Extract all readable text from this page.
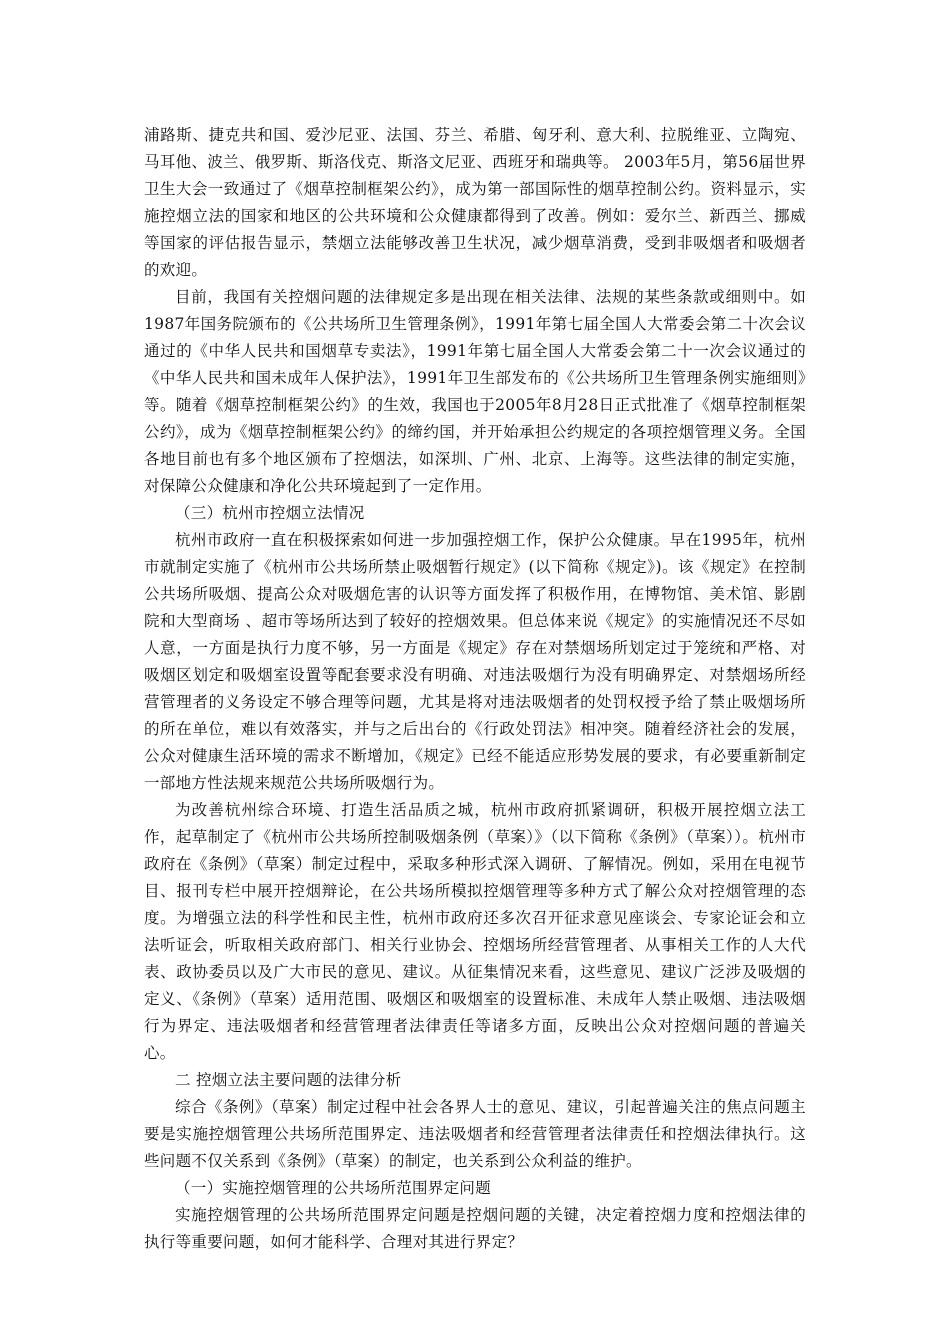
浦路斯、捷克共和国、爱沙尼亚、法国、芬兰、希腊、匈牙利、意大利、拉脱维亚、立陶宛、马耳他、波兰、俄罗斯、斯洛伐克、斯洛文尼亚、西班牙和瑞典等。 2003年5月，第56届世界卫生大会一致通过了《烟草控制框架公约》，成为第一部国际性的烟草控制公约。资料显示，实施控烟立法的国家和地区的公共环境和公众健康都得到了改善。例如：爱尔兰、新西兰、挪威等国家的评估报告显示，禁烟立法能够改善卫生状况，减少烟草消费，受到非吸烟者和吸烟者的欢迎。

目前，我国有关控烟问题的法律规定多是出现在相关法律、法规的某些条款或细则中。如1987年国务院颁布的《公共场所卫生管理条例》，1991年第七届全国人大常委会第二十次会议通过的《中华人民共和国烟草专卖法》，1991年第七届全国人大常委会第二十一次会议通过的《中华人民共和国未成年人保护法》，1991年卫生部发布的《公共场所卫生管理条例实施细则》等。随着《烟草控制框架公约》的生效，我国也于2005年8月28日正式批准了《烟草控制框架公约》，成为《烟草控制框架公约》的缔约国，并开始承担公约规定的各项控烟管理义务。全国各地目前也有多个地区颁布了控烟法，如深圳、广州、北京、上海等。这些法律的制定实施，对保障公众健康和净化公共环境起到了一定作用。

（三）杭州市控烟立法情况

杭州市政府一直在积极探索如何进一步加强控烟工作，保护公众健康。早在1995年，杭州市就制定实施了《杭州市公共场所禁止吸烟暂行规定》(以下简称《规定》)。该《规定》在控制公共场所吸烟、提高公众对吸烟危害的认识等方面发挥了积极作用，在博物馆、美术馆、影剧院和大型商场 、超市等场所达到了较好的控烟效果。但总体来说《规定》的实施情况还不尽如人意，一方面是执行力度不够，另一方面是《规定》存在对禁烟场所划定过于笼统和严格、对吸烟区划定和吸烟室设置等配套要求没有明确、对违法吸烟行为没有明确界定、对禁烟场所经营管理者的义务设定不够合理等问题，尤其是将对违法吸烟者的处罚权授予给了禁止吸烟场所的所在单位，难以有效落实，并与之后出台的《行政处罚法》相冲突。随着经济社会的发展，公众对健康生活环境的需求不断增加，《规定》已经不能适应形势发展的要求，有必要重新制定一部地方性法规来规范公共场所吸烟行为。

为改善杭州综合环境、打造生活品质之城，杭州市政府抓紧调研，积极开展控烟立法工作，起草制定了《杭州市公共场所控制吸烟条例（草案）》（以下简称《条例》（草案））。杭州市政府在《条例》（草案）制定过程中，采取多种形式深入调研、了解情况。例如，采用在电视节目、报刊专栏中展开控烟辩论，在公共场所模拟控烟管理等多种方式了解公众对控烟管理的态度。为增强立法的科学性和民主性，杭州市政府还多次召开征求意见座谈会、专家论证会和立法听证会，听取相关政府部门、相关行业协会、控烟场所经营管理者、从事相关工作的人大代表、政协委员以及广大市民的意见、建议。从征集情况来看，这些意见、建议广泛涉及吸烟的定义、《条例》（草案）适用范围、吸烟区和吸烟室的设置标准、未成年人禁止吸烟、违法吸烟行为界定、违法吸烟者和经营管理者法律责任等诸多方面，反映出公众对控烟问题的普遍关心。

二 控烟立法主要问题的法律分析

综合《条例》（草案）制定过程中社会各界人士的意见、建议，引起普遍关注的焦点问题主要是实施控烟管理公共场所范围界定、违法吸烟者和经营管理者法律责任和控烟法律执行。这些问题不仅关系到《条例》（草案）的制定，也关系到公众利益的维护。

（一）实施控烟管理的公共场所范围界定问题

实施控烟管理的公共场所范围界定问题是控烟问题的关键，决定着控烟力度和控烟法律的执行等重要问题，如何才能科学、合理对其进行界定？
